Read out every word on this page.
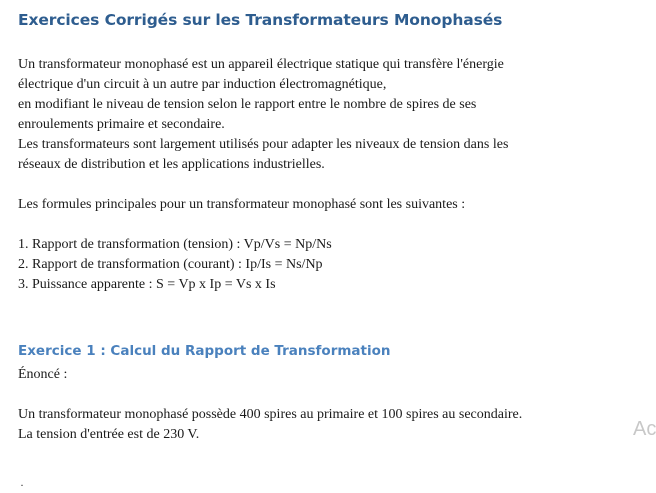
Exercices Corrigés sur les Transformateurs Monophasés
Un transformateur monophasé est un appareil électrique statique qui transfère l'énergie
électrique d'un circuit à un autre par induction électromagnétique,
en modifiant le niveau de tension selon le rapport entre le nombre de spires de ses
enroulements primaire et secondaire.
Les transformateurs sont largement utilisés pour adapter les niveaux de tension dans les
réseaux de distribution et les applications industrielles.
Les formules principales pour un transformateur monophasé sont les suivantes :
1. Rapport de transformation (tension) : Vp/Vs = Np/Ns
2. Rapport de transformation (courant) : Ip/Is = Ns/Np
3. Puissance apparente : S = Vp x Ip = Vs x Is
Exercice 1 : Calcul du Rapport de Transformation
Énoncé :
Un transformateur monophasé possède 400 spires au primaire et 100 spires au secondaire.
La tension d'entrée est de 230 V.	Ac
·
